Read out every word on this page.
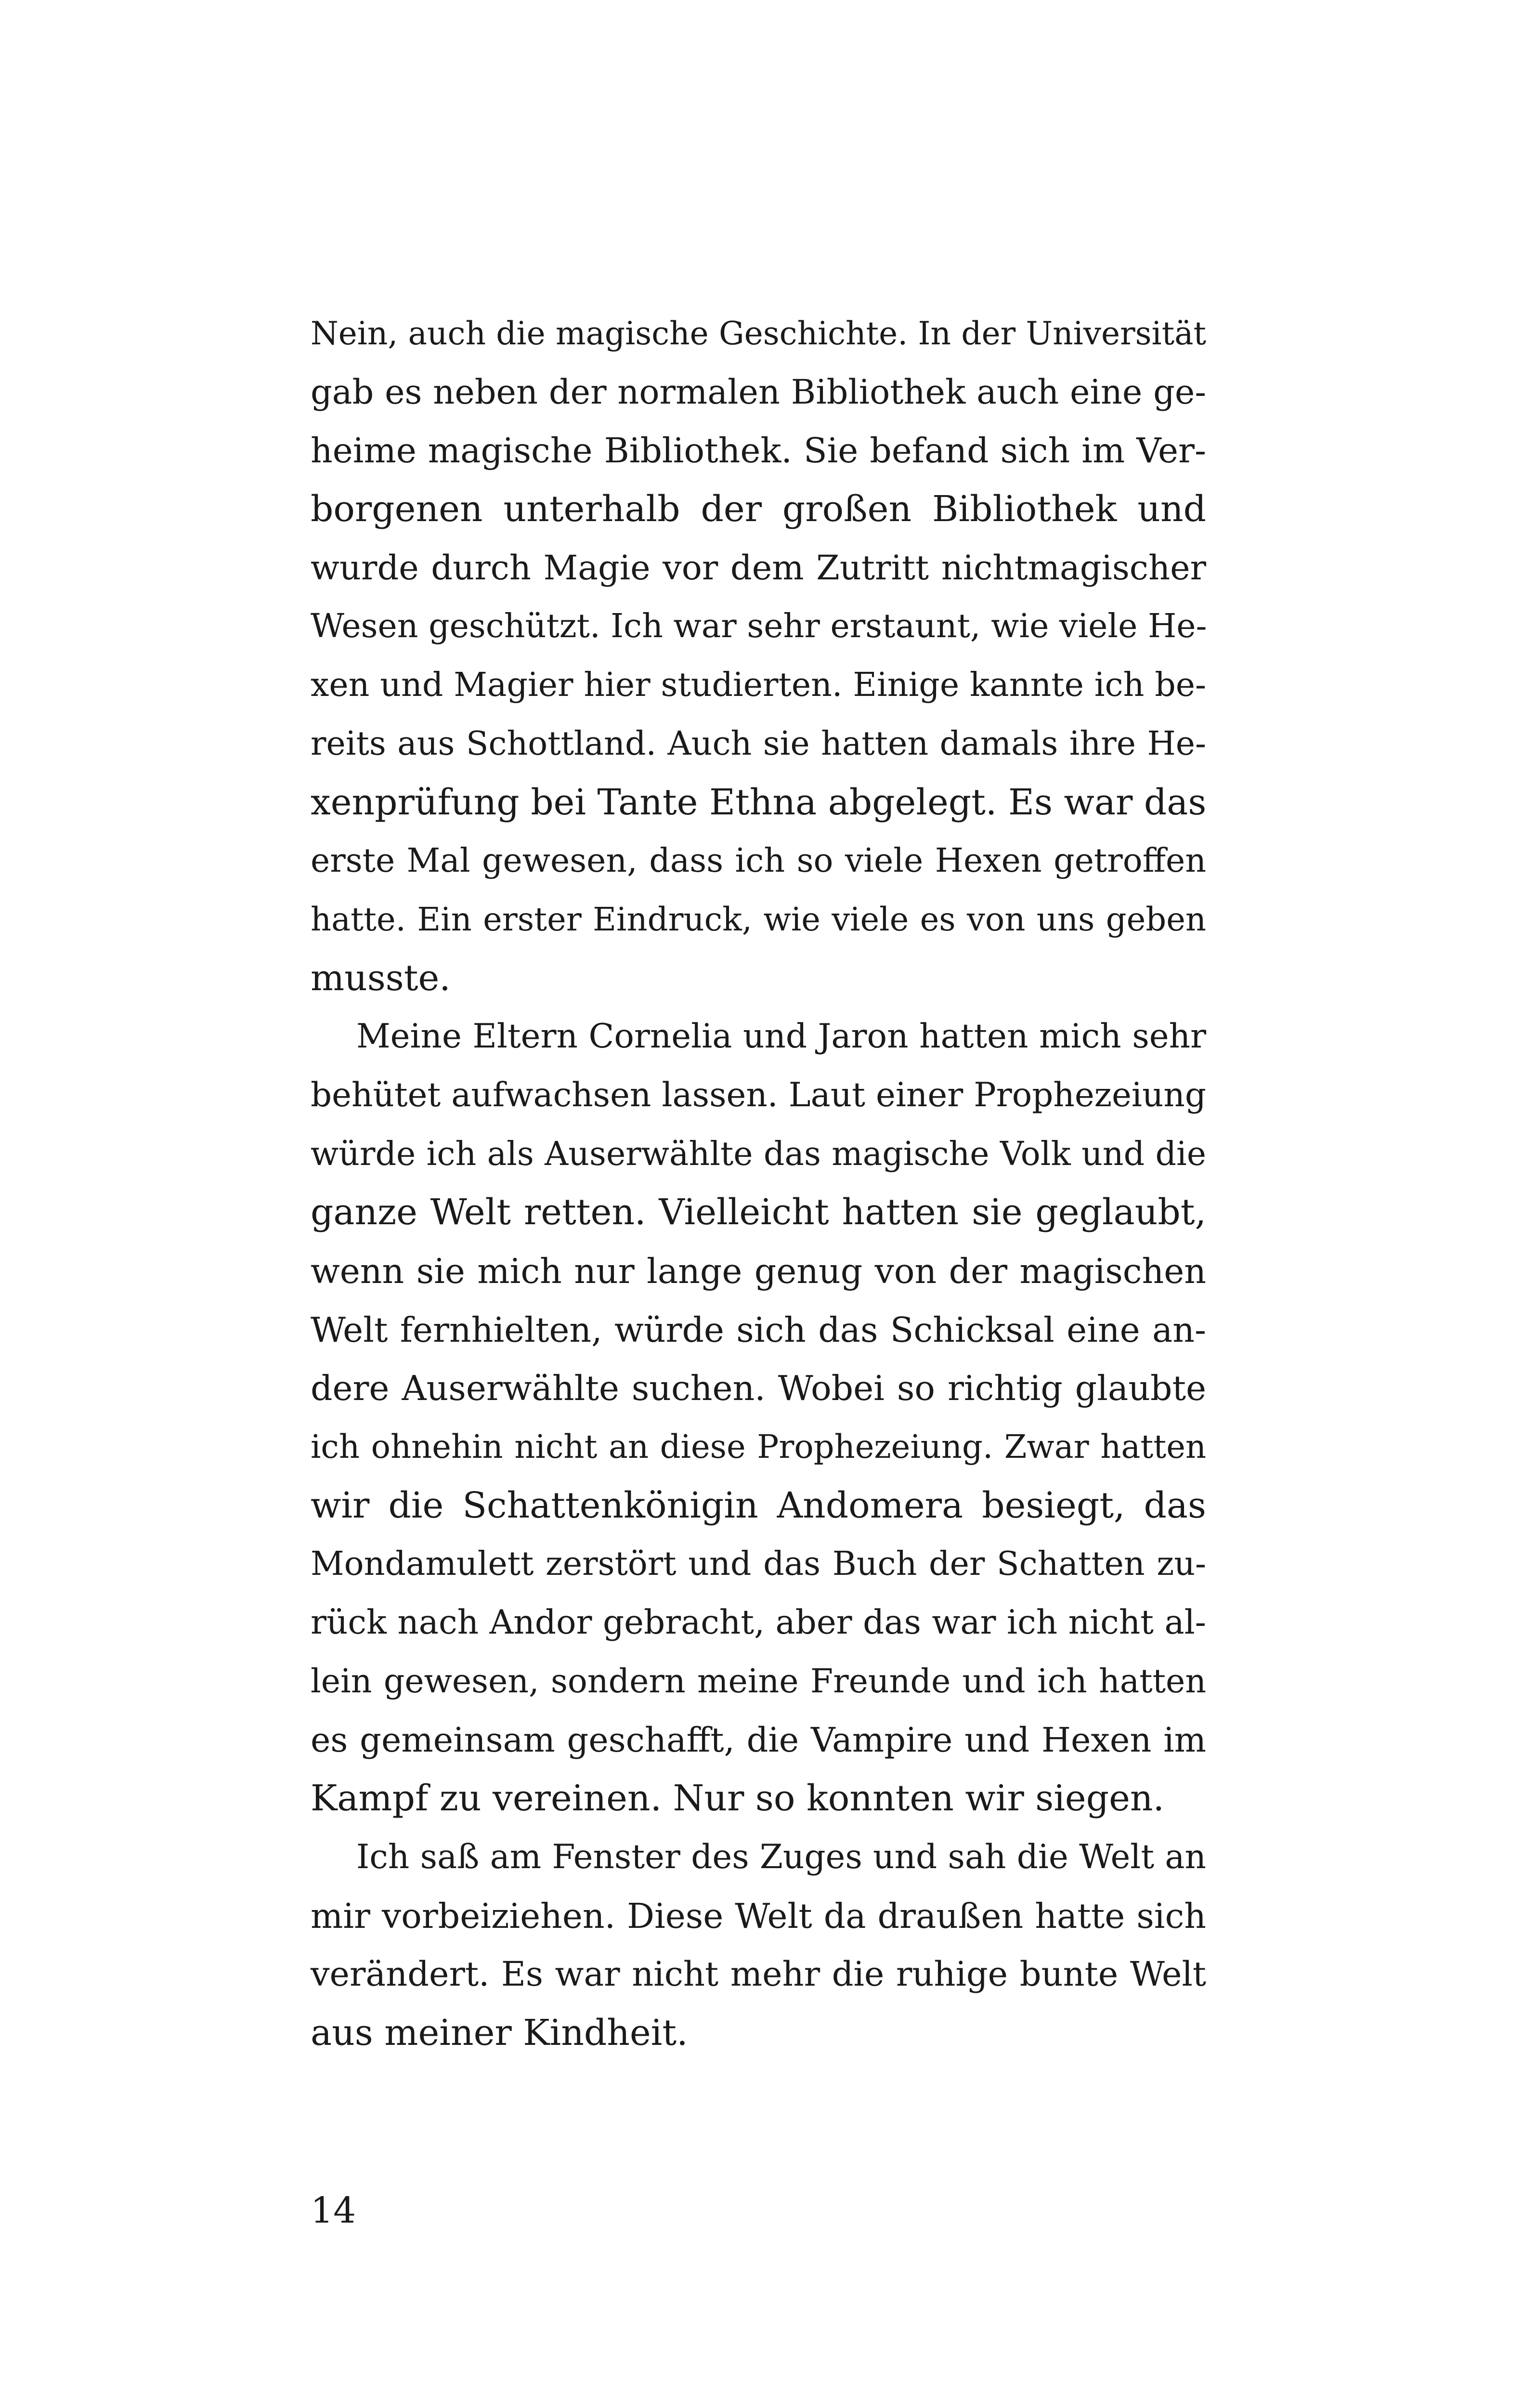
Nein, auch die magische Geschichte. In der Universität
gab es neben der normalen Bibliothek auch eine ge-
heime magische Bibliothek. Sie befand sich im Ver-
borgenen unterhalb der großen Bibliothek und
wurde durch Magie vor dem Zutritt nichtmagischer
Wesen geschützt. Ich war sehr erstaunt, wie viele He-
xen und Magier hier studierten. Einige kannte ich be-
reits aus Schottland. Auch sie hatten damals ihre He-
xenprüfung bei Tante Ethna abgelegt. Es war das
erste Mal gewesen, dass ich so viele Hexen getroffen
hatte. Ein erster Eindruck, wie viele es von uns geben
musste.
Meine Eltern Cornelia und Jaron hatten mich sehr
behütet aufwachsen lassen. Laut einer Prophezeiung
würde ich als Auserwählte das magische Volk und die
ganze Welt retten. Vielleicht hatten sie geglaubt,
wenn sie mich nur lange genug von der magischen
Welt fernhielten, würde sich das Schicksal eine an-
dere Auserwählte suchen. Wobei so richtig glaubte
ich ohnehin nicht an diese Prophezeiung. Zwar hatten
wir die Schattenkönigin Andomera besiegt, das
Mondamulett zerstört und das Buch der Schatten zu-
rück nach Andor gebracht, aber das war ich nicht al-
lein gewesen, sondern meine Freunde und ich hatten
es gemeinsam geschafft, die Vampire und Hexen im
Kampf zu vereinen. Nur so konnten wir siegen.
Ich saß am Fenster des Zuges und sah die Welt an
mir vorbeiziehen. Diese Welt da draußen hatte sich
verändert. Es war nicht mehr die ruhige bunte Welt
aus meiner Kindheit.
14
